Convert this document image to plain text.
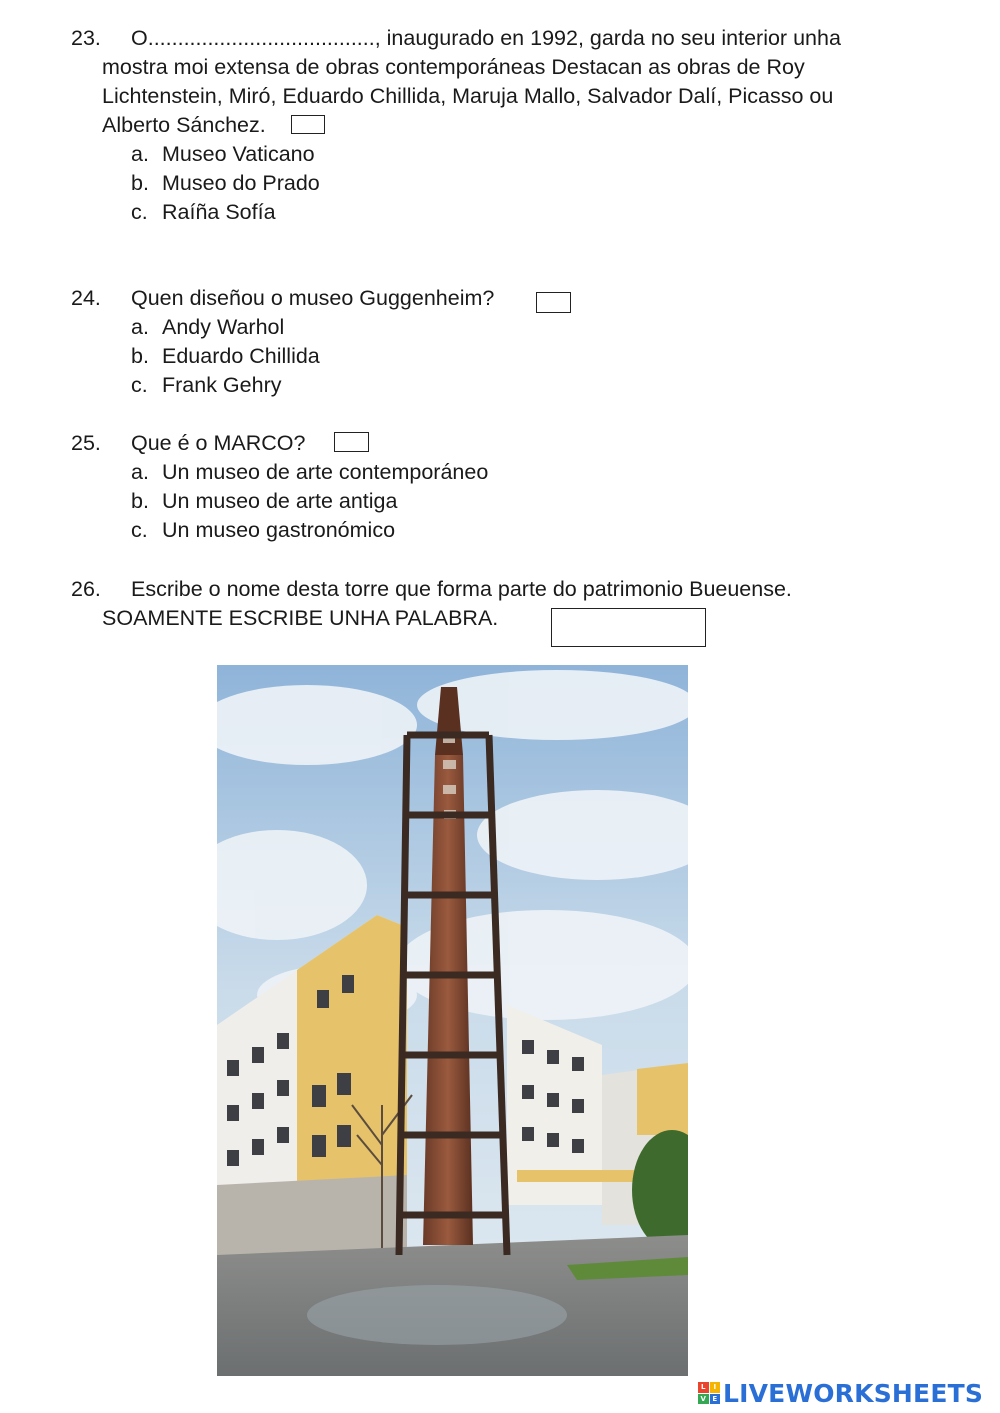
23. O......................................, inaugurado en 1992, garda no seu interior unha
mostra moi extensa de obras contemporáneas Destacan as obras de Roy
Lichtenstein, Miró, Eduardo Chillida, Maruja Mallo, Salvador Dalí, Picasso ou
Alberto Sánchez.
a. Museo Vaticano
b. Museo do Prado
c. Raíña Sofía
24. Quen diseñou o museo Guggenheim?
a. Andy Warhol
b. Eduardo Chillida
c. Frank Gehry
25. Que é o MARCO?
a. Un museo de arte contemporáneo
b. Un museo de arte antiga
c. Un museo gastronómico
26. Escribe o nome desta torre que forma parte do patrimonio Bueuense.
SOAMENTE ESCRIBE UNHA PALABRA.
L	I
V E LIVEWORKSHEETS
